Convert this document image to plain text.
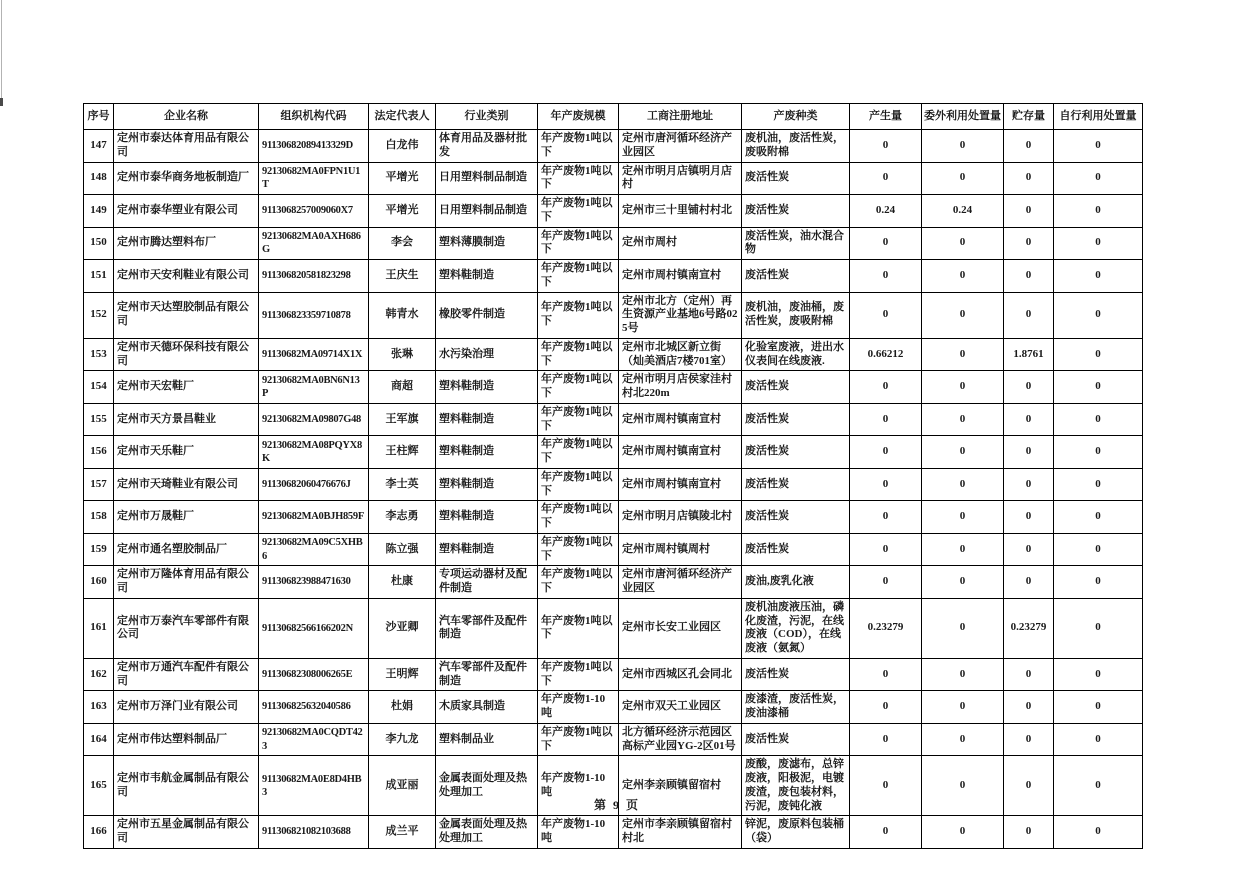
序号	企业名称	组织机构代码	法定代表人	行业类别	年产废规模	工商注册地址	产废种类	产生量	委外利用处置量	贮存量	自行利用处置量
147	定州市泰达体育用品有限公司	91130682089413329D	白龙伟	体育用品及器材批发	年产废物1吨以下	定州市唐河循环经济产业园区	废机油，废活性炭，废吸附棉	0	0	0	0
148	定州市泰华商务地板制造厂	92130682MA0FPN1U1T	平增光	日用塑料制品制造	年产废物1吨以下	定州市明月店镇明月店村	废活性炭	0	0	0	0
149	定州市泰华塑业有限公司	9113068257009060X7	平增光	日用塑料制品制造	年产废物1吨以下	定州市三十里铺村村北	废活性炭	0.24	0.24	0	0
150	定州市腾达塑料布厂	92130682MA0AXH686G	李会	塑料薄膜制造	年产废物1吨以下	定州市周村	废活性炭，油水混合物	0	0	0	0
151	定州市天安利鞋业有限公司	911306820581823298	王庆生	塑料鞋制造	年产废物1吨以下	定州市周村镇南宣村	废活性炭	0	0	0	0
152	定州市天达塑胶制品有限公司	911306823359710878	韩青水	橡胶零件制造	年产废物1吨以下	定州市北方（定州）再生资源产业基地6号路025号	废机油，废油桶，废活性炭，废吸附棉	0	0	0	0
153	定州市天德环保科技有限公司	91130682MA09714X1X	张琳	水污染治理	年产废物1吨以下	定州市北城区新立街（灿美酒店7楼701室）	化验室废液，进出水仪表间在线废液.	0.66212	0	1.8761	0
154	定州市天宏鞋厂	92130682MA0BN6N13P	商超	塑料鞋制造	年产废物1吨以下	定州市明月店侯家洼村村北220m	废活性炭	0	0	0	0
155	定州市天方景昌鞋业	92130682MA09807G48	王军旗	塑料鞋制造	年产废物1吨以下	定州市周村镇南宣村	废活性炭	0	0	0	0
156	定州市天乐鞋厂	92130682MA08PQYX8K	王柱辉	塑料鞋制造	年产废物1吨以下	定州市周村镇南宣村	废活性炭	0	0	0	0
157	定州市天琦鞋业有限公司	91130682060476676J	李士英	塑料鞋制造	年产废物1吨以下	定州市周村镇南宣村	废活性炭	0	0	0	0
158	定州市万晟鞋厂	92130682MA0BJH859F	李志勇	塑料鞋制造	年产废物1吨以下	定州市明月店镇陵北村	废活性炭	0	0	0	0
159	定州市通名塑胶制品厂	92130682MA09C5XHB6	陈立强	塑料鞋制造	年产废物1吨以下	定州市周村镇周村	废活性炭	0	0	0	0
160	定州市万隆体育用品有限公司	911306823988471630	杜康	专项运动器材及配件制造	年产废物1吨以下	定州市唐河循环经济产业园区	废油,废乳化液	0	0	0	0
161	定州市万泰汽车零部件有限公司	91130682566166202N	沙亚卿	汽车零部件及配件制造	年产废物1吨以下	定州市长安工业园区	废机油废液压油，磷化废渣，污泥，在线废液（COD），在线废液（氨氮）	0.23279	0	0.23279	0
162	定州市万通汽车配件有限公司	91130682308006265E	王明辉	汽车零部件及配件制造	年产废物1吨以下	定州市西城区孔会同北	废活性炭	0	0	0	0
163	定州市万泽门业有限公司	911306825632040586	杜娟	木质家具制造	年产废物1-10吨	定州市双天工业园区	废漆渣，废活性炭，废油漆桶	0	0	0	0
164	定州市伟达塑料制品厂	92130682MA0CQDT423	李九龙	塑料制品业	年产废物1吨以下	北方循环经济示范园区高标产业园YG-2区01号	废活性炭	0	0	0	0
165	定州市韦航金属制品有限公司	91130682MA0E8D4HB3	成亚丽	金属表面处理及热处理加工	年产废物1-10吨	定州李亲顾镇留宿村	废酸，废滤布，总锌废液，阳极泥，电镀废渣，废包装材料，污泥，废钝化液	0	0	0	0
166	定州市五星金属制品有限公司	911306821082103688	成兰平	金属表面处理及热处理加工	年产废物1-10吨	定州市李亲顾镇留宿村村北	锌泥，废原料包装桶（袋）	0	0	0	0
第 9 页
